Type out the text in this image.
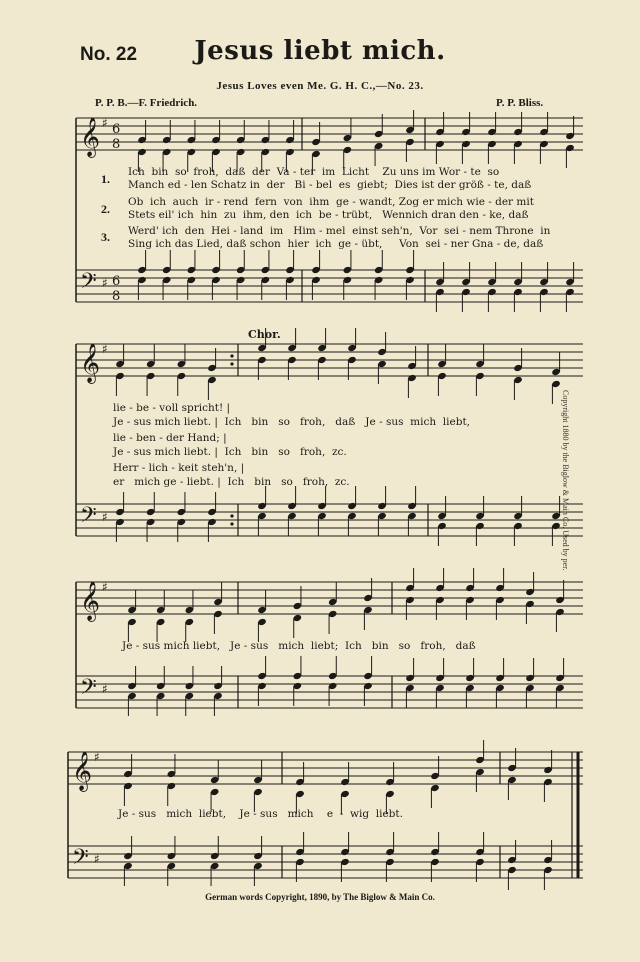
No. 22	Jesus liebt mich.
Jesus Loves even Me. G. H. C.,—No. 23.
P. P. B.—F. Friedrich.	P. P. Bliss.
𝄞 ♯ 6
8
𝄢 ♯ 6
8
𝄞 ♯
𝄢 ♯
𝄞 ♯
𝄢 ♯
𝄞 ♯
𝄢 ♯
1.
2.
3.
Ich  bin  so  froh,  daß  der  Va - ter  im  Licht    Zu uns im Wor - te  so
Manch ed - len Schatz in  der   Bi - bel  es  giebt;  Dies ist der größ - te, daß
Ob  ich  auch  ir - rend  fern  von  ihm  ge - wandt, Zog er mich wie - der mit
Stets eil' ich  hin  zu  ihm, den  ich  be - trübt,   Wennich dran den - ke, daß
Werd' ich  den  Hei - land  im   Him - mel  einst seh'n,  Vor  sei - nem Throne  in
Sing ich das Lied, daß schon  hier  ich  ge - übt,     Von  sei - ner Gna - de, daß
Chor.
lie - be - voll spricht! |
Je - sus mich liebt. |  Ich   bin   so   froh,   daß   Je - sus  mich  liebt,
lie - ben - der Hand; |
Je - sus mich liebt. |  Ich   bin   so   froh,  zc.
Herr - lich - keit steh'n, |
er   mich ge - liebt. |  Ich   bin   so   froh,  zc.
Je - sus mich liebt,   Je - sus   mich  liebt;  Ich   bin   so   froh,   daß
Je - sus   mich  liebt,    Je - sus   mich    e  -  wig  liebt.
Copyright 1880 by the Biglow & Main Co. Used by per.
German words Copyright, 1890, by The Biglow & Main Co.
